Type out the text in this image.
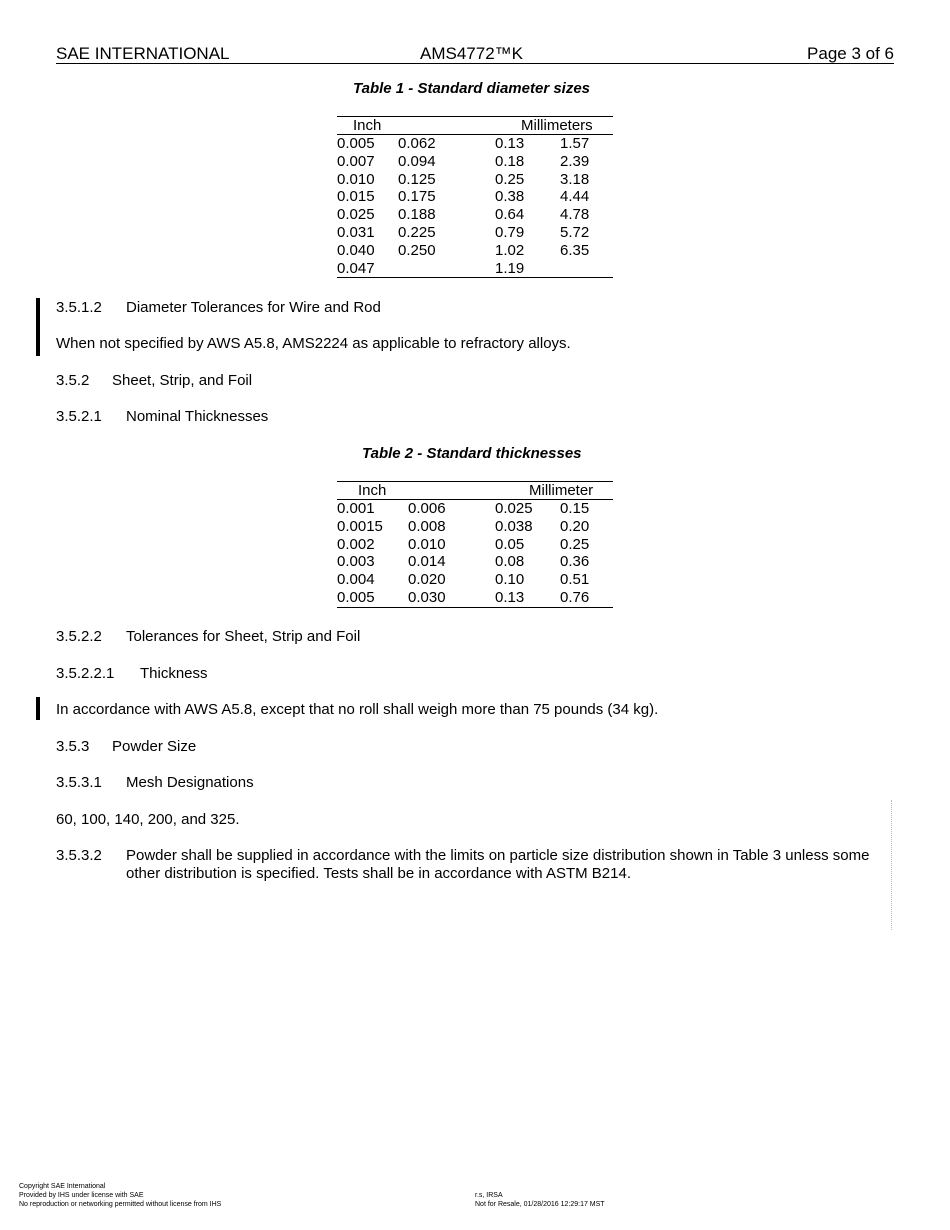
SAE INTERNATIONAL	AMS4772™K	Page 3 of 6
Table 1 - Standard diameter sizes
Inch		Millimeters	
0.005	0.062	0.13	1.57
0.007	0.094	0.18	2.39
0.010	0.125	0.25	3.18
0.015	0.175	0.38	4.44
0.025	0.188	0.64	4.78
0.031	0.225	0.79	5.72
0.040	0.250	1.02	6.35
0.047		1.19	
3.5.1.2 Diameter Tolerances for Wire and Rod
When not specified by AWS A5.8, AMS2224 as applicable to refractory alloys.
3.5.2 Sheet, Strip, and Foil
3.5.2.1 Nominal Thicknesses
Table 2 - Standard thicknesses
Inch		Millimeter	
0.001	0.006	0.025	0.15
0.0015	0.008	0.038	0.20
0.002	0.010	0.05	0.25
0.003	0.014	0.08	0.36
0.004	0.020	0.10	0.51
0.005	0.030	0.13	0.76
3.5.2.2 Tolerances for Sheet, Strip and Foil
3.5.2.2.1 Thickness
In accordance with AWS A5.8, except that no roll shall weigh more than 75 pounds (34 kg).
3.5.3 Powder Size
3.5.3.1 Mesh Designations
60, 100, 140, 200, and 325.
3.5.3.2 Powder shall be supplied in accordance with the limits on particle size distribution shown in Table 3 unless some
other distribution is specified. Tests shall be in accordance with ASTM B214.
Copyright SAE International
Provided by IHS under license with SAE
No reproduction or networking permitted without license from IHS
r.s, IRSA
Not for Resale, 01/28/2016 12:29:17 MST
